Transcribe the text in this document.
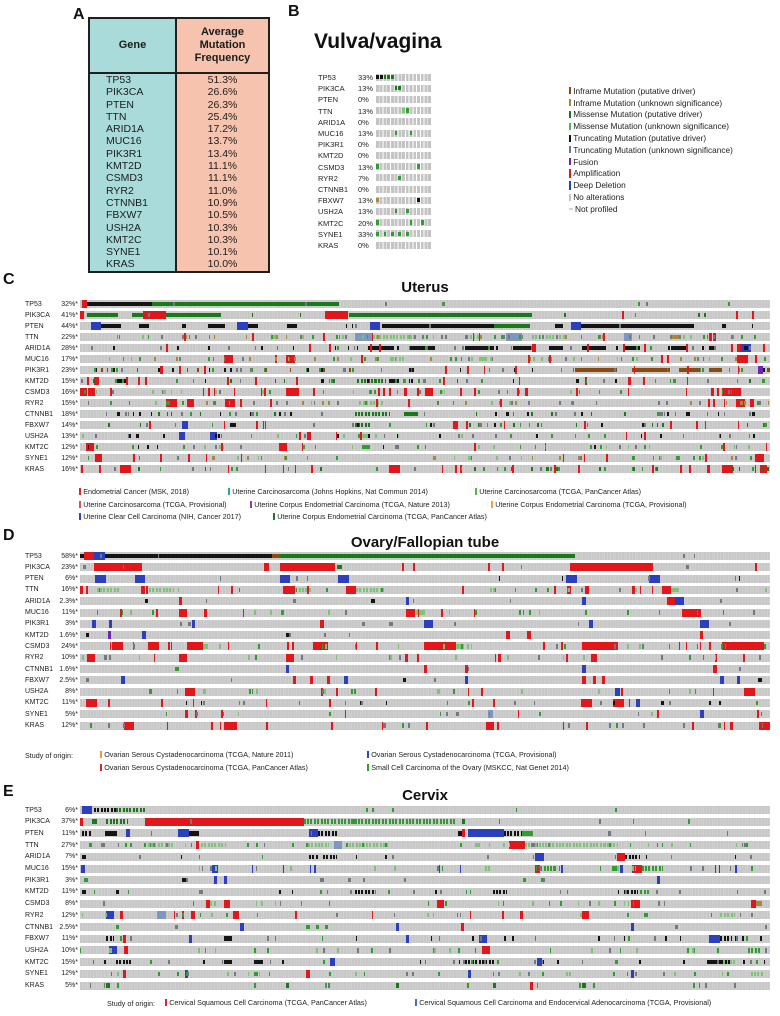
A
Gene
Average Mutation Frequency
TP53	51.3%
PIK3CA	26.6%
PTEN	26.3%
TTN	25.4%
ARID1A	17.2%
MUC16	13.7%
PIK3R1	13.4%
KMT2D	11.1%
CSMD3	11.1%
RYR2	11.0%
CTNNB1	10.9%
FBXW7	10.5%
USH2A	10.3%
KMT2C	10.3%
SYNE1	10.1%
KRAS	10.0%
B
Vulva/vagina
TP53	33%
PIK3CA 13%
PTEN	0%
TTN	13%
ARID1A 0%
MUC16 13%
PIK3R1 0%
KMT2D 0%
CSMD3 13%
RYR2	7%
CTNNB1 0%
FBXW7 13%
USH2A 13%
KMT2C 20%
SYNE1 33%
KRAS	0%
Inframe Mutation (putative driver)
Inframe Mutation (unknown significance)
Missense Mutation (putative driver)
Missense Mutation (unknown significance)
Truncating Mutation (putative driver)
Truncating Mutation (unknown significance)
Fusion
Amplification
Deep Deletion
No alterations
Not profiled
C	Uterus
TP53	32%*
PIK3CA	41%*
PTEN	44%*
TTN	22%*
ARID1A	28%*
MUC16	17%*
PIK3R1	23%*
KMT2D	15%*
CSMD3	16%*
RYR2	15%*
CTNNB1	18%*
FBXW7	14%*
USH2A	13%*
KMT2C	12%*
SYNE1	12%*
KRAS	16%*
Endometrial Cancer (MSK, 2018)	Uterine Carcinosarcoma (Johns Hopkins, Nat Commun 2014)	Uterine Carcinosarcoma (TCGA, PanCancer Atlas)
Uterine Carcinosarcoma (TCGA, Provisional)	Uterine Corpus Endometrial Carcinoma (TCGA, Nature 2013)	Uterine Corpus Endometrial Carcinoma (TCGA, Provisional)
Uterine Clear Cell Carcinoma (NIH, Cancer 2017)	Uterine Corpus Endometrial Carcinoma (TCGA, PanCancer Atlas)
D	Ovary/Fallopian tube
TP53	58%*
PIK3CA	23%*
PTEN	6%*
TTN	16%*
ARID1A	2.3%*
MUC16	11%*
PIK3R1	3%*
KMT2D	1.6%*
CSMD3	24%*
RYR2	10%*
CTNNB1 1.6%*
FBXW7	2.5%*
USH2A	8%*
KMT2C	11%*
SYNE1	5%*
KRAS	12%*
Study of origin:	Ovarian Serous Cystadenocarcinoma (TCGA, Nature 2011)	Ovarian Serous Cystadenocarcinoma (TCGA, Provisional)
Ovarian Serous Cystadenocarcinoma (TCGA, PanCancer Atlas)	Small Cell Carcinoma of the Ovary (MSKCC, Nat Genet 2014)
E	Cervix
TP53	6%*
PIK3CA	37%*
PTEN	11%*
TTN	27%*
ARID1A	7%*
MUC16	15%*
PIK3R1	3%*
KMT2D	11%*
CSMD3	8%*
RYR2	12%*
CTNNB1 2.5%*
FBXW7	11%*
USH2A	10%*
KMT2C	15%*
SYNE1	12%*
KRAS	5%*
Study of origin: Cervical Squamous Cell Carcinoma (TCGA, PanCancer Atlas)	Cervical Squamous Cell Carcinoma and Endocervical Adenocarcinoma (TCGA, Provisional)
